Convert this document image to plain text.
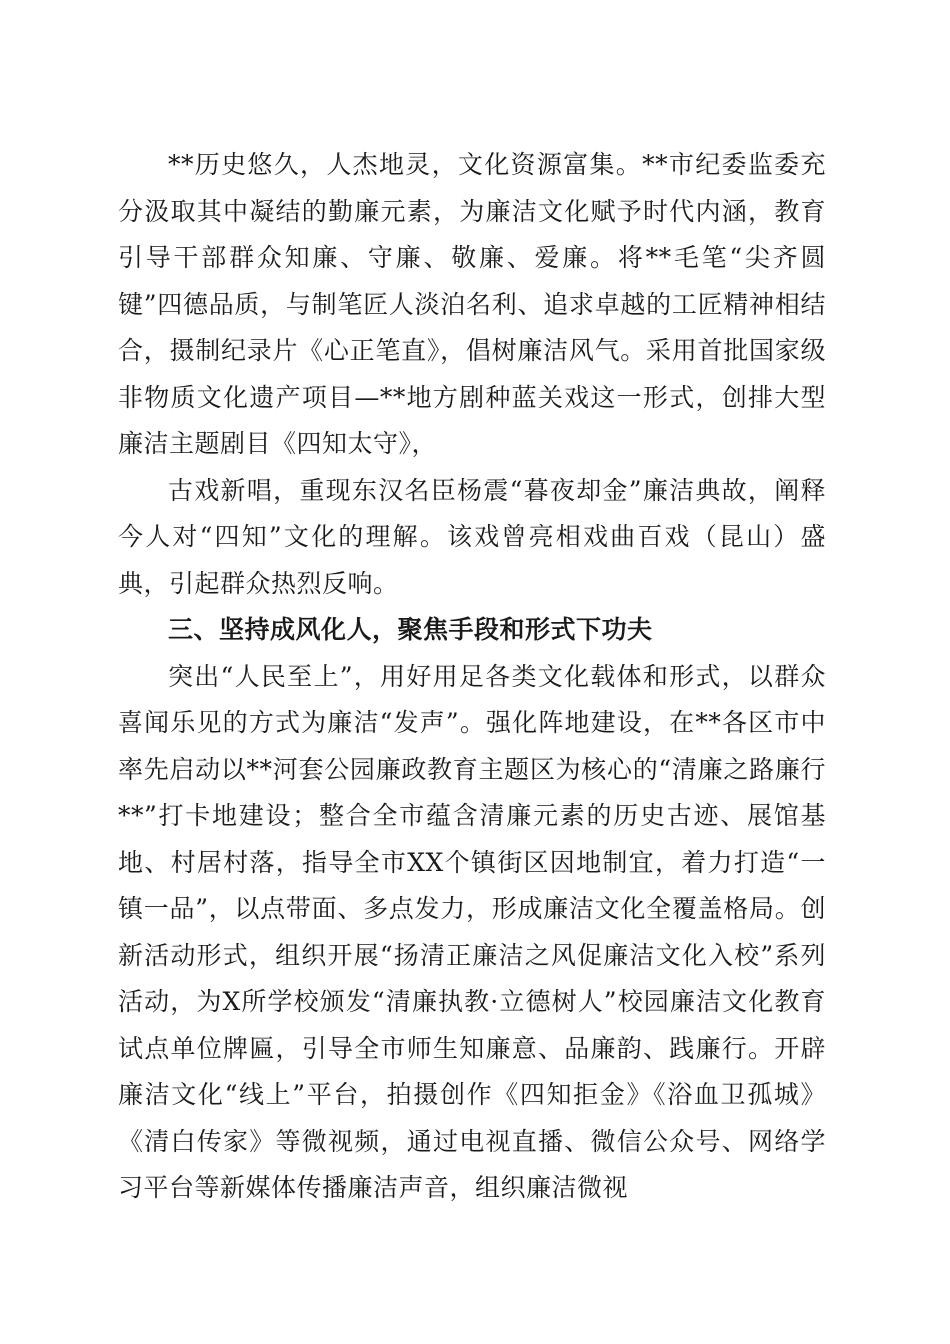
**历史悠久，人杰地灵，文化资源富集。**市纪委监委充分汲取其中凝结的勤廉元素，为廉洁文化赋予时代内涵，教育引导干部群众知廉、守廉、敬廉、爱廉。将**毛笔“尖齐圆键”四德品质，与制笔匠人淡泊名利、追求卓越的工匠精神相结合，摄制纪录片《心正笔直》，倡树廉洁风气。采用首批国家级非物质文化遗产项目—**地方剧种蓝关戏这一形式，创排大型廉洁主题剧目《四知太守》，

古戏新唱，重现东汉名臣杨震“暮夜却金”廉洁典故，阐释今人对“四知”文化的理解。该戏曾亮相戏曲百戏（昆山）盛典，引起群众热烈反响。

三、坚持成风化人，聚焦手段和形式下功夫

突出“人民至上”，用好用足各类文化载体和形式，以群众喜闻乐见的方式为廉洁“发声”。强化阵地建设，在**各区市中率先启动以**河套公园廉政教育主题区为核心的“清廉之路廉行**”打卡地建设；整合全市蕴含清廉元素的历史古迹、展馆基地、村居村落，指导全市XX个镇街区因地制宜，着力打造“一镇一品”，以点带面、多点发力，形成廉洁文化全覆盖格局。创新活动形式，组织开展“扬清正廉洁之风促廉洁文化入校”系列活动，为X所学校颁发“清廉执教·立德树人”校园廉洁文化教育试点单位牌匾，引导全市师生知廉意、品廉韵、践廉行。开辟廉洁文化“线上”平台，拍摄创作《四知拒金》《浴血卫孤城》《清白传家》等微视频，通过电视直播、微信公众号、网络学习平台等新媒体传播廉洁声音，组织廉洁微视
